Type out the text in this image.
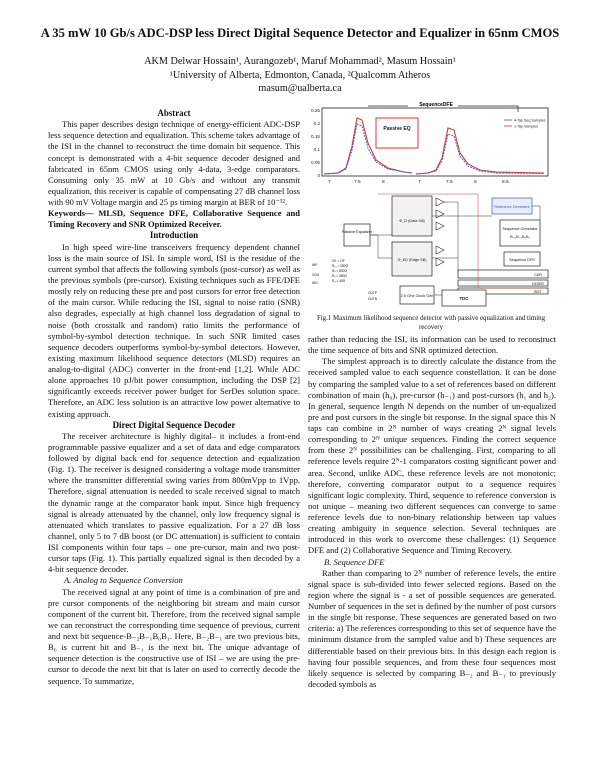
A 35 mW 10 Gb/s ADC-DSP less Direct Digital Sequence Detector and Equalizer in 65nm CMOS
AKM Delwar Hossain¹, Aurangozeb¹, Maruf Mohammad², Masum Hossain¹
¹University of Alberta, Edmonton, Canada, ²Qualcomm Atheros
masum@ualberta.ca
Abstract

This paper describes design technique of energy-efficient ADC-DSP less sequence detection and equalization. This scheme takes advantage of the ISI in the channel to reconstruct the time domain bit sequence. This concept is demonstrated with a 4-bit sequence decoder designed and fabricated in 65nm CMOS using only 4-data, 3-edge comparators. Consuming only 35 mW at 10 Gb/s and without any transmit equalization, this receiver is capable of compensating 27 dB channel loss with 90 mV Voltage margin and 25 ps timing margin at BER of 10⁻¹².

Keywords— MLSD, Sequence DFE, Collaborative Sequence and Timing Recovery and SNR Optimized Receiver.

Introduction

In high speed wire-line transceivers frequency dependent channel loss is the main source of ISI. In simple word, ISI is the residue of the current symbol that affects the following symbols (post-cursor) as well as the previous symbols (pre-cursor). Existing techniques such as FFE/DFE mostly rely on reducing these pre and post cursors for error free detection of the main cursor. While reducing the ISI, signal to noise ratio (SNR) also degrades, especially at high channel loss degradation of signal to noise (both crosstalk and random) ratio limits the performance of symbol-by-symbol detection technique. In such SNR limited cases sequence decoders outperforms symbol-by-symbol detectors. However, existing maximum likelihood sequence detectors (MLSD) requires an analog-to-digital (ADC) converter in the front-end [1,2]. While ADC alone approaches 10 pJ/bit power consumption, including the DSP [2] significantly exceeds receiver power budget for SerDes solution space. Therefore, an ADC less solution is an attractive low power alternative to existing approach.

Direct Digital Sequence Decoder

The receiver architecture is highly digital– it includes a front-end programmable passive equalizer and a set of data and edge comparators followed by digital back end for sequence detection and equalization (Fig. 1). The receiver is designed considering a voltage mode transmitter where the transmitter differential swing varies from 800mVpp to 1Vpp. Therefore, signal attenuation is needed to scale received signal to match the dynamic range at the comparator bank input. Since high frequency signal is already attenuated by the channel, only low frequency signal is attenuated which translates to passive equalization. For a 27 dB loss channel, only 5 to 7 dB boost (or DC attenuation) is sufficient to contain ISI components within four taps – one pre-cursor, main and two post-cursor taps (Fig. 1). This partially equalized signal is then decoded by a 4-bit sequence decoder.

A. Analog to Sequence Conversion

The received signal at any point of time is a combination of pre and pre cursor components of the neighboring bit stream and main cursor component of the current bit. Therefore, from the received signal sample we can reconstruct the corresponding time sequence of previous, current and next bit sequence-B₋₂B₋₁B₀B₁. Here, B₋₂B₋₁ are two previous bits, B₀ is current bit and B₋₁ is the next bit. The unique advantage of sequence detection is the constructive use of ISI – we are using the pre-cursor to decode the next bit that is later on used to correctly decode the sequence. To summarize,

0.25
0.2
0.15
0.1
0.05
0
7	7.5	8	7	7.5	8	8.5
Passive EQ
SequenceDFE
4-Tap Seq Samples
1-Tap Samples
Passive Equalizer
Φ_D (Data Sill)
Φ_ED (Edge Sill)
Reference Generator
Sequence Generator
B₋₂B₋₁B₀B₁
Sequence DFE
CDR
DESER
BIST
2.5 GHz Clock Gen	TDC
CK = 1fF
R₁₂ = 280Ω
Rₐ = 800Ω
Rₑ = 260Ω
R₄ = 40Ω
VCM
INP
INN
OUTP
OUTN
Fig.1 Maximum likelihood sequence detector with passive equalization and timing recovery

rather than reducing the ISI, its information can be used to reconstruct the time sequence of bits and SNR optimized detection.

The simplest approach is to directly calculate the distance from the received sampled value to each sequence constellation. It can be done by comparing the sampled value to a set of references based on different combination of main (h₀), pre-cursor (h₋₁) and post-cursors (h₁ and h₂). In general, sequence length N depends on the number of un-equalized pre and post cursors in the single bit response. In the signal space this N taps can combine in 2ᴺ number of ways creating 2ᴺ signal levels corresponding to 2ᴺ unique sequences. Finding the correct sequence from these 2ᴺ possibilities can be challenging. First, comparing to all reference levels require 2ᴺ-1 comparators costing significant power and area. Second, unlike ADC, these reference levels are not monotonic; therefore, converting comparator output to a sequence requires significant logic complexity. Third, sequence to reference conversion is not unique – meaning two different sequences can converge to same reference levels due to non-binary relationship between tap values creating ambiguity in sequence selection. Several techniques are introduced in this work to overcome these challenges: (1) Sequence DFE and (2) Collaborative Sequence and Timing Recovery.

B. Sequence DFE

Rather than comparing to 2ᴺ number of reference levels, the entire signal space is sub-divided into fewer selected regions. Based on the region where the signal is - a set of possible sequences are generated. Number of sequences in the set is defined by the number of post cursors in the single bit response. These sequences are generated based on two criteria: a) The references corresponding to this set of sequence have the minimum distance from the sampled value and b) These sequences are differentiable based on their previous bits. In this design each region is having four possible sequences, and from these four sequences most likely sequence is selected by comparing B₋₂ and B₋₁ to previously decoded symbols as
